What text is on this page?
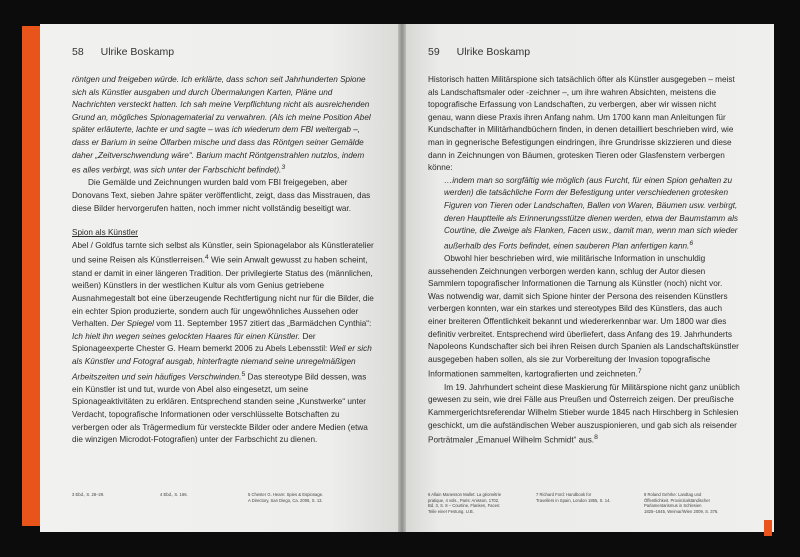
58 Ulrike Boskamp

röntgen und freigeben würde. Ich erklärte, dass schon seit Jahrhunderten Spione sich als Künstler ausgaben und durch Übermalungen Karten, Pläne und Nachrichten versteckt hatten. Ich sah meine Verpflichtung nicht als ausreichenden Grund an, mögliches Spionagematerial zu verwahren. (Als ich meine Position Abel später erläuterte, lachte er und sagte – was ich wiederum dem FBI weitergab –, dass er Barium in seine Ölfarben mische und dass das Röntgen seiner Gemälde daher „Zeitverschwendung wäre“. Barium macht Röntgenstrahlen nutzlos, indem es alles verbirgt, was sich unter der Farbschicht befindet).$^3$

Die Gemälde und Zeichnungen wurden bald vom FBI freigegeben, aber Donovans Text, sieben Jahre später veröffentlicht, zeigt, dass das Misstrauen, das diese Bilder hervorgerufen hatten, noch immer nicht vollständig beseitigt war.

Spion als Künstler

Abel / Goldfus tarnte sich selbst als Künstler, sein Spionagelabor als Künstleratelier und seine Reisen als Künstlerreisen.$^4$ Wie sein Anwalt gewusst zu haben scheint, stand er damit in einer längeren Tradition. Der privilegierte Status des (männlichen, weißen) Künstlers in der westlichen Kultur als vom Genius getriebene Ausnahmegestalt bot eine überzeugende Rechtfertigung nicht nur für die Bilder, die ein echter Spion produzierte, sondern auch für ungewöhnliches Aussehen oder Verhalten. Der Spiegel vom 11. September 1957 zitiert das „Barmädchen Cynthia“: Ich hielt ihn wegen seines gelockten Haares für einen Künstler. Der Spionageexperte Chester G. Hearn bemerkt 2006 zu Abels Lebensstil: Weil er sich als Künstler und Fotograf ausgab, hinterfragte niemand seine unregelmäßigen Arbeitszeiten und sein häufiges Verschwinden.$^5$ Das stereotype Bild dessen, was ein Künstler ist und tut, wurde von Abel also eingesetzt, um seine Spionageaktivitäten zu erklären. Entsprechend standen seine „Kunstwerke“ unter Verdacht, topografische Informationen oder verschlüsselte Botschaften zu verbergen oder als Trägermedium für versteckte Bilder oder andere Medien (etwa die winzigen Microdot-Fotografien) unter der Farbschicht zu dienen.

3 Ebd., S. 28–29.	4 Ebd., S. 166.	5 Chester G. Hearn: Spies & Espionage.
A Directory, San Diego, Ca. 2006, S. 13.
59 Ulrike Boskamp

Historisch hatten Militärspione sich tatsächlich öfter als Künstler ausgegeben – meist als Landschaftsmaler oder -zeichner –, um ihre wahren Absichten, meistens die topografische Erfassung von Landschaften, zu verbergen, aber wir wissen nicht genau, wann diese Praxis ihren Anfang nahm. Um 1700 kann man Anleitungen für Kundschafter in Militärhandbüchern finden, in denen detailliert beschrieben wird, wie man in gegnerische Befestigungen eindringen, ihre Grundrisse skizzieren und diese dann in Zeichnungen von Bäumen, grotesken Tieren oder Glasfenstern verbergen könne:

…indem man so sorgfältig wie möglich (aus Furcht, für einen Spion gehalten zu werden) die tatsächliche Form der Befestigung unter verschiedenen grotesken Figuren von Tieren oder Landschaften, Ballen von Waren, Bäumen usw. verbirgt, deren Hauptteile als Erinnerungsstütze dienen werden, etwa der Baumstamm als Courtine, die Zweige als Flanken, Facen usw., damit man, wenn man sich wieder außerhalb des Forts befindet, einen sauberen Plan anfertigen kann.$^6$

Obwohl hier beschrieben wird, wie militärische Information in unschuldig aussehenden Zeichnungen verborgen werden kann, schlug der Autor diesen Sammlern topografischer Informationen die Tarnung als Künstler (noch) nicht vor. Was notwendig war, damit sich Spione hinter der Persona des reisenden Künstlers verbergen konnten, war ein starkes und stereotypes Bild des Künstlers, das auch einer breiteren Öffentlichkeit bekannt und wiedererkennbar war. Um 1800 war dies definitiv verbreitet. Entsprechend wird überliefert, dass Anfang des 19. Jahrhunderts Napoleons Kundschafter sich bei ihren Reisen durch Spanien als Landschaftskünstler ausgegeben haben sollen, als sie zur Vorbereitung der Invasion topografische Informationen sammelten, kartografierten und zeichneten.$^7$

Im 19. Jahrhundert scheint diese Maskierung für Militärspione nicht ganz unüblich gewesen zu sein, wie drei Fälle aus Preußen und Österreich zeigen. Der preußische Kammergerichtsreferendar Wilhelm Stieber wurde 1845 nach Hirschberg in Schlesien geschickt, um die aufständischen Weber auszuspionieren, und gab sich als reisender Porträtmaler „Emanuel Wilhelm Schmidt“ aus.$^8$

6 Allain Manesson Mallet: La géométrie
pratique, 4 vols., Paris: Anisson, 1702,
Bd. 3, S. 8 – Courtine, Flanken, Facen:
Teile einer Festung. U.B.
7 Richard Ford: Handbook for
Travellers in Spain, London 1855, S. 14.
8 Roland Gehrke: Landtag und
Öffentlichkeit. Provinzialständischer
Parlamentarismus in Schlesien
1825–1845, Weimar/Wien 2009, S. 376.
